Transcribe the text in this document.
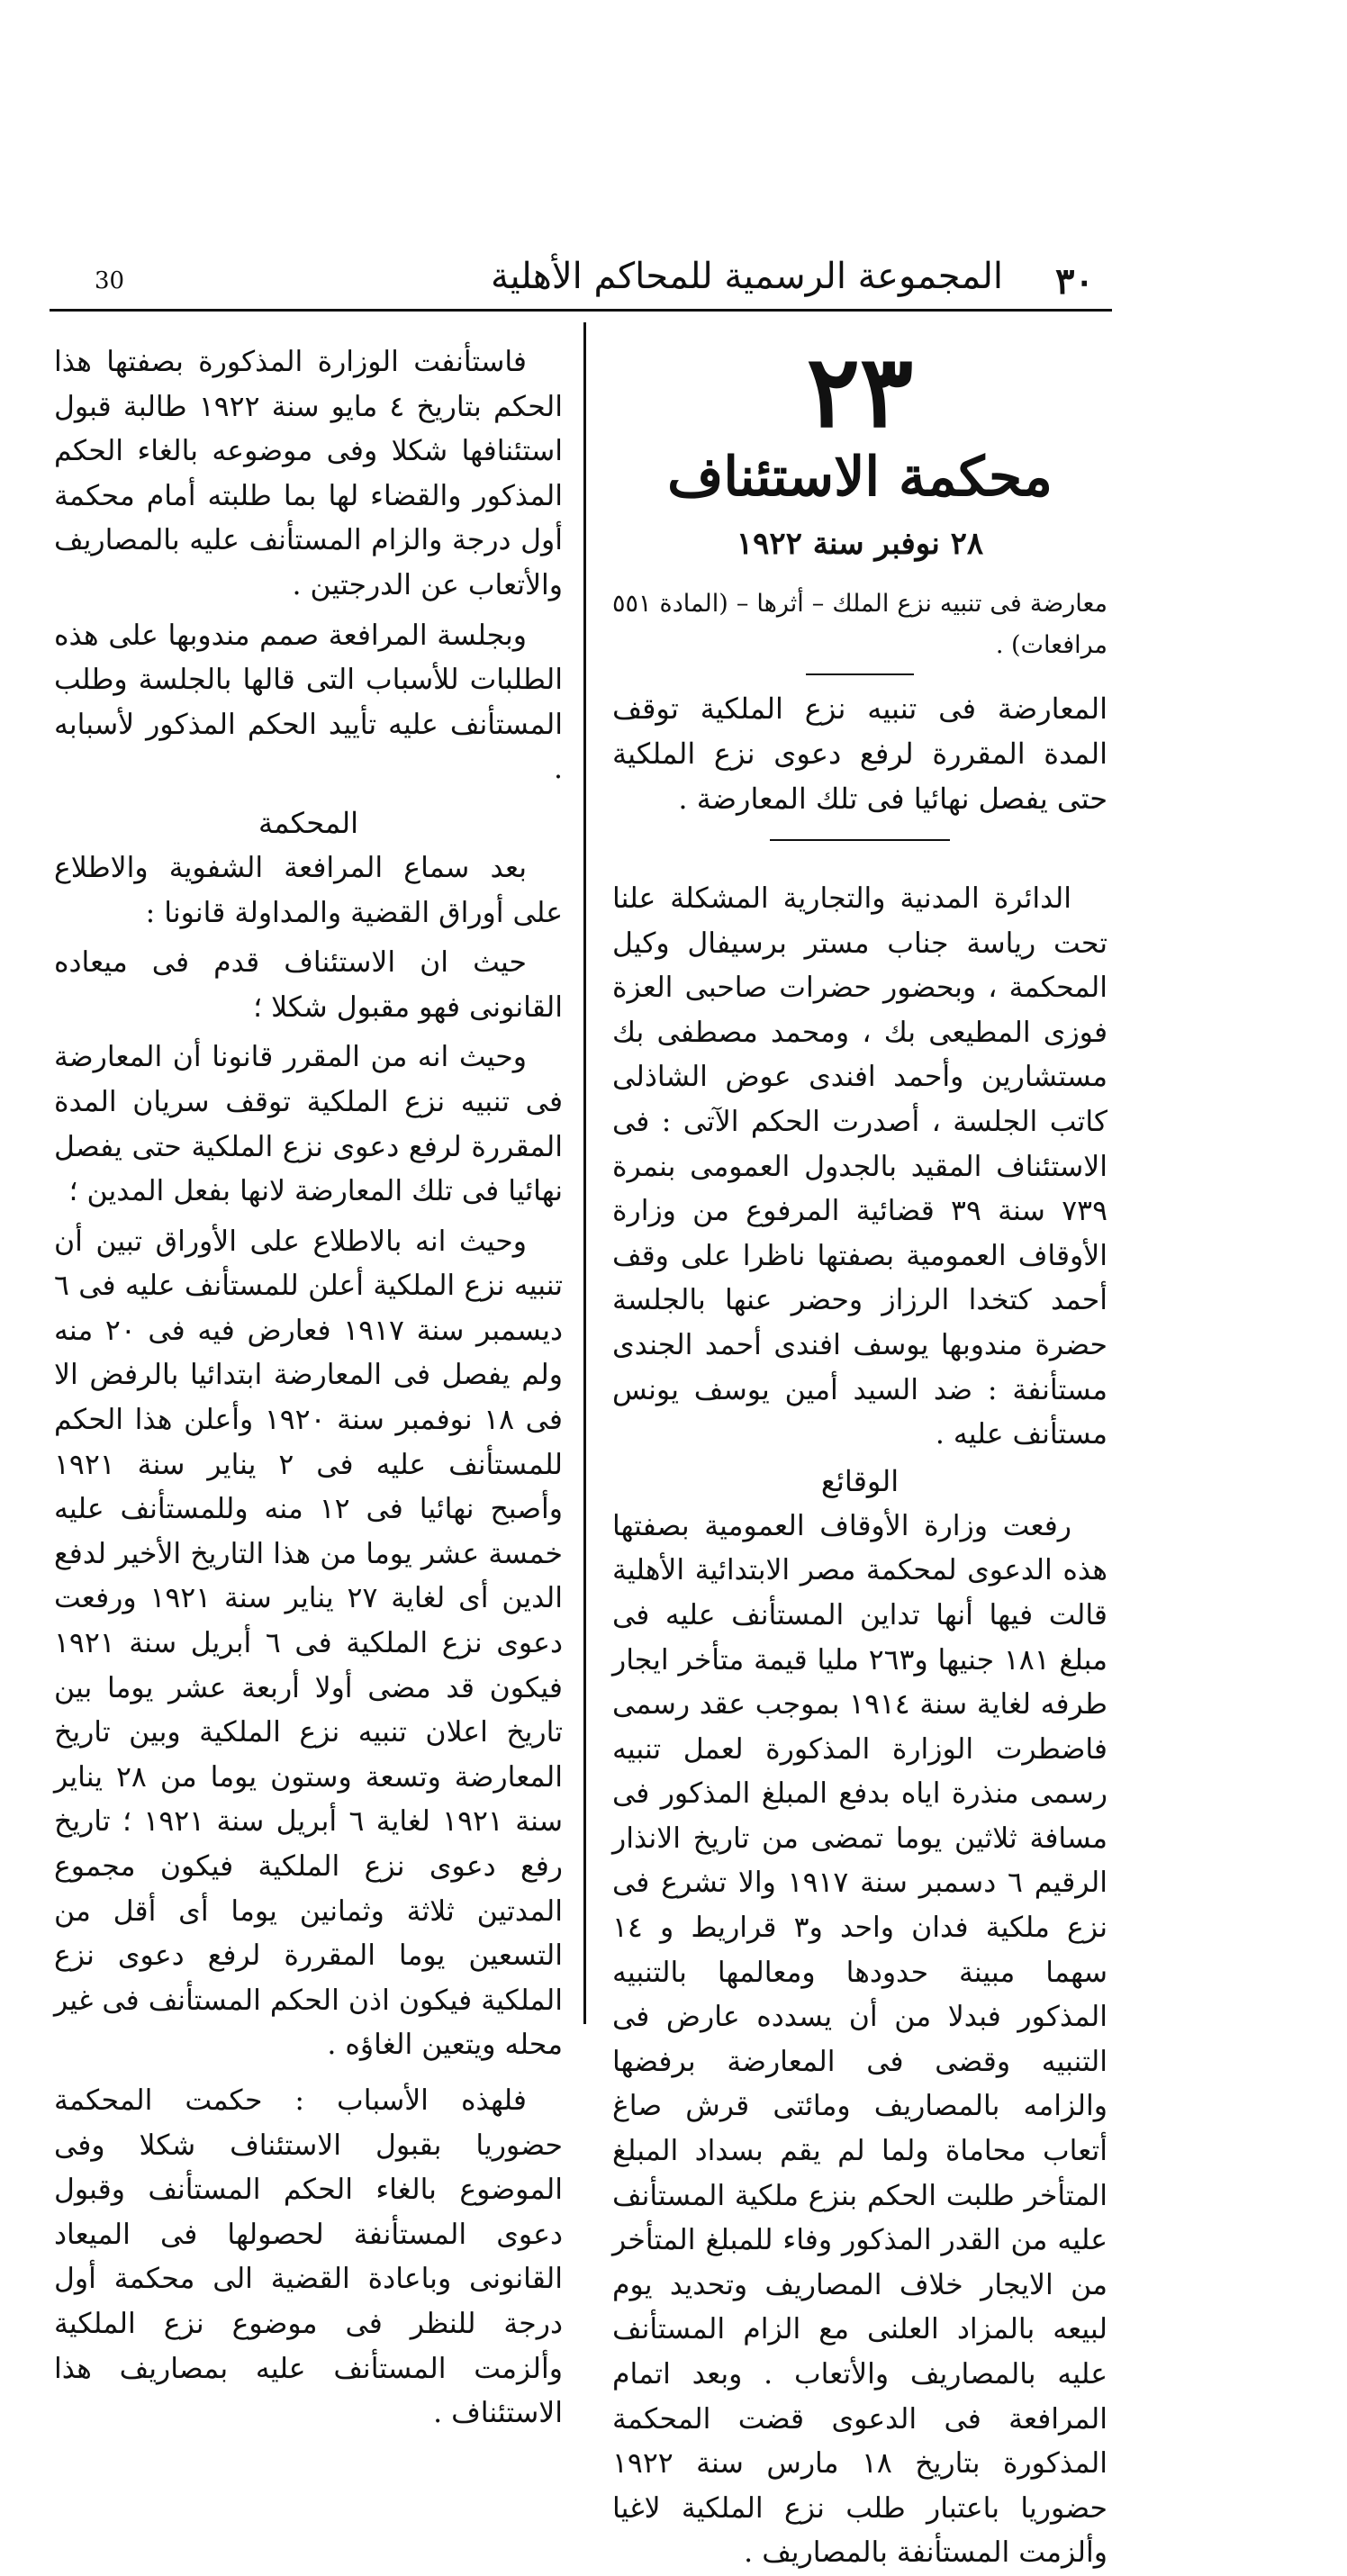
30	المجموعة الرسمية للمحاكم الأهلية ٣٠
٢٣
محكمة الاستئناف
٢٨ نوفبر سنة ١٩٢٢

معارضة فى تنبيه نزع الملك – أثرها – (المادة ٥٥١ مرافعات) .

المعارضة فى تنبيه نزع الملكية توقف المدة المقررة لرفع دعوى نزع الملكية حتى يفصل نهائيا فى تلك المعارضة .

الدائرة المدنية والتجارية المشكلة علنا تحت رياسة جناب مستر برسيفال وكيل المحكمة ، وبحضور حضرات صاحبى العزة فوزى المطيعى بك ، ومحمد مصطفى بك مستشارين وأحمد افندى عوض الشاذلى كاتب الجلسة ، أصدرت الحكم الآتى : فى الاستئناف المقيد بالجدول العمومى بنمرة ٧٣٩ سنة ٣٩ قضائية المرفوع من وزارة الأوقاف العمومية بصفتها ناظرا على وقف أحمد كتخدا الرزاز وحضر عنها بالجلسة حضرة مندوبها يوسف افندى أحمد الجندى مستأنفة : ضد السيد أمين يوسف يونس مستأنف عليه .

الوقائع

رفعت وزارة الأوقاف العمومية بصفتها هذه الدعوى لمحكمة مصر الابتدائية الأهلية قالت فيها أنها تداين المستأنف عليه فى مبلغ ١٨١ جنيها و٢٦٣ مليا قيمة متأخر ايجار طرفه لغاية سنة ١٩١٤ بموجب عقد رسمى فاضطرت الوزارة المذكورة لعمل تنبيه رسمى منذرة اياه بدفع المبلغ المذكور فى مسافة ثلاثين يوما تمضى من تاريخ الانذار الرقيم ٦ دسمبر سنة ١٩١٧ والا تشرع فى نزع ملكية فدان واحد و٣ قراريط و ١٤ سهما مبينة حدودها ومعالمها بالتنبيه المذكور فبدلا من أن يسدده عارض فى التنبيه وقضى فى المعارضة برفضها والزامه بالمصاريف ومائتى قرش صاغ أتعاب محاماة ولما لم يقم بسداد المبلغ المتأخر طلبت الحكم بنزع ملكية المستأنف عليه من القدر المذكور وفاء للمبلغ المتأخر من الايجار خلاف المصاريف وتحديد يوم لبيعه بالمزاد العلنى مع الزام المستأنف عليه بالمصاريف والأتعاب . وبعد اتمام المرافعة فى الدعوى قضت المحكمة المذكورة بتاريخ ١٨ مارس سنة ١٩٢٢ حضوريا باعتبار طلب نزع الملكية لاغيا وألزمت المستأنفة بالمصاريف .

فاستأنفت الوزارة المذكورة بصفتها هذا الحكم بتاريخ ٤ مايو سنة ١٩٢٢ طالبة قبول استئنافها شكلا وفى موضوعه بالغاء الحكم المذكور والقضاء لها بما طلبته أمام محكمة أول درجة والزام المستأنف عليه بالمصاريف والأتعاب عن الدرجتين .

وبجلسة المرافعة صمم مندوبها على هذه الطلبات للأسباب التى قالها بالجلسة وطلب المستأنف عليه تأييد الحكم المذكور لأسبابه .

المحكمة

بعد سماع المرافعة الشفوية والاطلاع على أوراق القضية والمداولة قانونا :

حيث ان الاستئناف قدم فى ميعاده القانونى فهو مقبول شكلا ؛

وحيث انه من المقرر قانونا أن المعارضة فى تنبيه نزع الملكية توقف سريان المدة المقررة لرفع دعوى نزع الملكية حتى يفصل نهائيا فى تلك المعارضة لانها بفعل المدين ؛

وحيث انه بالاطلاع على الأوراق تبين أن تنبيه نزع الملكية أعلن للمستأنف عليه فى ٦ ديسمبر سنة ١٩١٧ فعارض فيه فى ٢٠ منه ولم يفصل فى المعارضة ابتدائيا بالرفض الا فى ١٨ نوفمبر سنة ١٩٢٠ وأعلن هذا الحكم للمستأنف عليه فى ٢ يناير سنة ١٩٢١ وأصبح نهائيا فى ١٢ منه وللمستأنف عليه خمسة عشر يوما من هذا التاريخ الأخير لدفع الدين أى لغاية ٢٧ يناير سنة ١٩٢١ ورفعت دعوى نزع الملكية فى ٦ أبريل سنة ١٩٢١ فيكون قد مضى أولا أربعة عشر يوما بين تاريخ اعلان تنبيه نزع الملكية وبين تاريخ المعارضة وتسعة وستون يوما من ٢٨ يناير سنة ١٩٢١ لغاية ٦ أبريل سنة ١٩٢١ ؛ تاريخ رفع دعوى نزع الملكية فيكون مجموع المدتين ثلاثة وثمانين يوما أى أقل من التسعين يوما المقررة لرفع دعوى نزع الملكية فيكون اذن الحكم المستأنف فى غير محله ويتعين الغاؤه .

فلهذه الأسباب : حكمت المحكمة حضوريا بقبول الاستئناف شكلا وفى الموضوع بالغاء الحكم المستأنف وقبول دعوى المستأنفة لحصولها فى الميعاد القانونى وباعادة القضية الى محكمة أول درجة للنظر فى موضوع نزع الملكية وألزمت المستأنف عليه بمصاريف هذا الاستئناف .
